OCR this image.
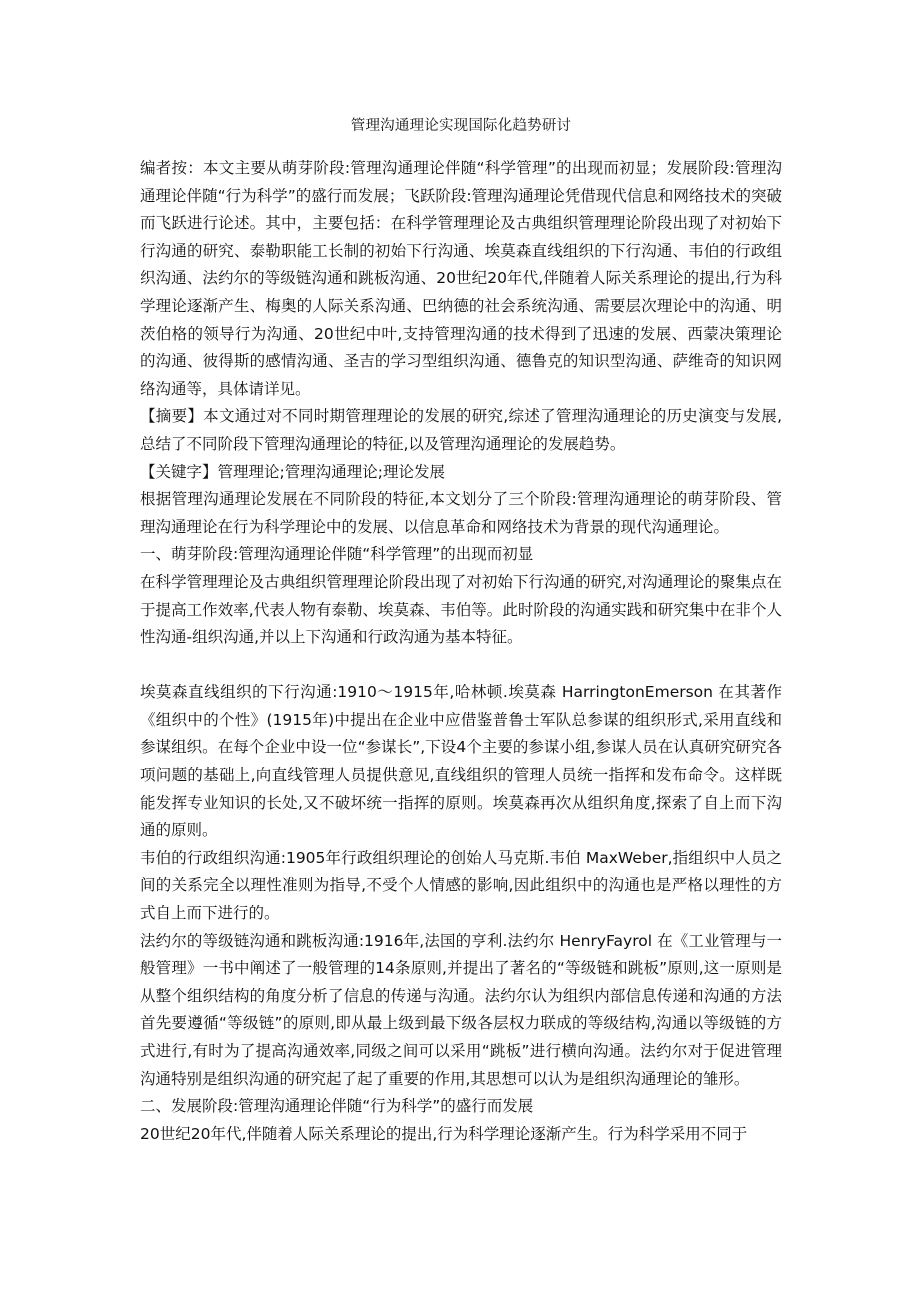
管理沟通理论实现国际化趋势研讨

编者按：本文主要从萌芽阶段:管理沟通理论伴随“科学管理”的出现而初显；发展阶段:管理沟通理论伴随“行为科学”的盛行而发展；飞跃阶段:管理沟通理论凭借现代信息和网络技术的突破而飞跃进行论述。其中，主要包括：在科学管理理论及古典组织管理理论阶段出现了对初始下行沟通的研究、泰勒职能工长制的初始下行沟通、埃莫森直线组织的下行沟通、韦伯的行政组织沟通、法约尔的等级链沟通和跳板沟通、20世纪20年代,伴随着人际关系理论的提出,行为科学理论逐渐产生、梅奥的人际关系沟通、巴纳德的社会系统沟通、需要层次理论中的沟通、明茨伯格的领导行为沟通、20世纪中叶,支持管理沟通的技术得到了迅速的发展、西蒙决策理论的沟通、彼得斯的感情沟通、圣吉的学习型组织沟通、德鲁克的知识型沟通、萨维奇的知识网络沟通等，具体请详见。

【摘要】本文通过对不同时期管理理论的发展的研究,综述了管理沟通理论的历史演变与发展,总结了不同阶段下管理沟通理论的特征,以及管理沟通理论的发展趋势。

【关键字】管理理论;管理沟通理论;理论发展

根据管理沟通理论发展在不同阶段的特征,本文划分了三个阶段:管理沟通理论的萌芽阶段、管理沟通理论在行为科学理论中的发展、以信息革命和网络技术为背景的现代沟通理论。

一、萌芽阶段:管理沟通理论伴随“科学管理”的出现而初显

在科学管理理论及古典组织管理理论阶段出现了对初始下行沟通的研究,对沟通理论的聚集点在于提高工作效率,代表人物有泰勒、埃莫森、韦伯等。此时阶段的沟通实践和研究集中在非个人性沟通-组织沟通,并以上下沟通和行政沟通为基本特征。

埃莫森直线组织的下行沟通:1910～1915年,哈林顿.埃莫森 HarringtonEmerson 在其著作《组织中的个性》(1915年)中提出在企业中应借鉴普鲁士军队总参谋的组织形式,采用直线和参谋组织。在每个企业中设一位“参谋长”,下设4个主要的参谋小组,参谋人员在认真研究研究各项问题的基础上,向直线管理人员提供意见,直线组织的管理人员统一指挥和发布命令。这样既能发挥专业知识的长处,又不破坏统一指挥的原则。埃莫森再次从组织角度,探索了自上而下沟通的原则。

韦伯的行政组织沟通:1905年行政组织理论的创始人马克斯.韦伯 MaxWeber,指组织中人员之间的关系完全以理性准则为指导,不受个人情感的影响,因此组织中的沟通也是严格以理性的方式自上而下进行的。

法约尔的等级链沟通和跳板沟通:1916年,法国的亨利.法约尔 HenryFayrol 在《工业管理与一般管理》一书中阐述了一般管理的14条原则,并提出了著名的“等级链和跳板”原则,这一原则是从整个组织结构的角度分析了信息的传递与沟通。法约尔认为组织内部信息传递和沟通的方法首先要遵循“等级链”的原则,即从最上级到最下级各层权力联成的等级结构,沟通以等级链的方式进行,有时为了提高沟通效率,同级之间可以采用“跳板”进行横向沟通。法约尔对于促进管理沟通特别是组织沟通的研究起了起了重要的作用,其思想可以认为是组织沟通理论的雏形。

二、发展阶段:管理沟通理论伴随“行为科学”的盛行而发展

20世纪20年代,伴随着人际关系理论的提出,行为科学理论逐渐产生。行为科学采用不同于
